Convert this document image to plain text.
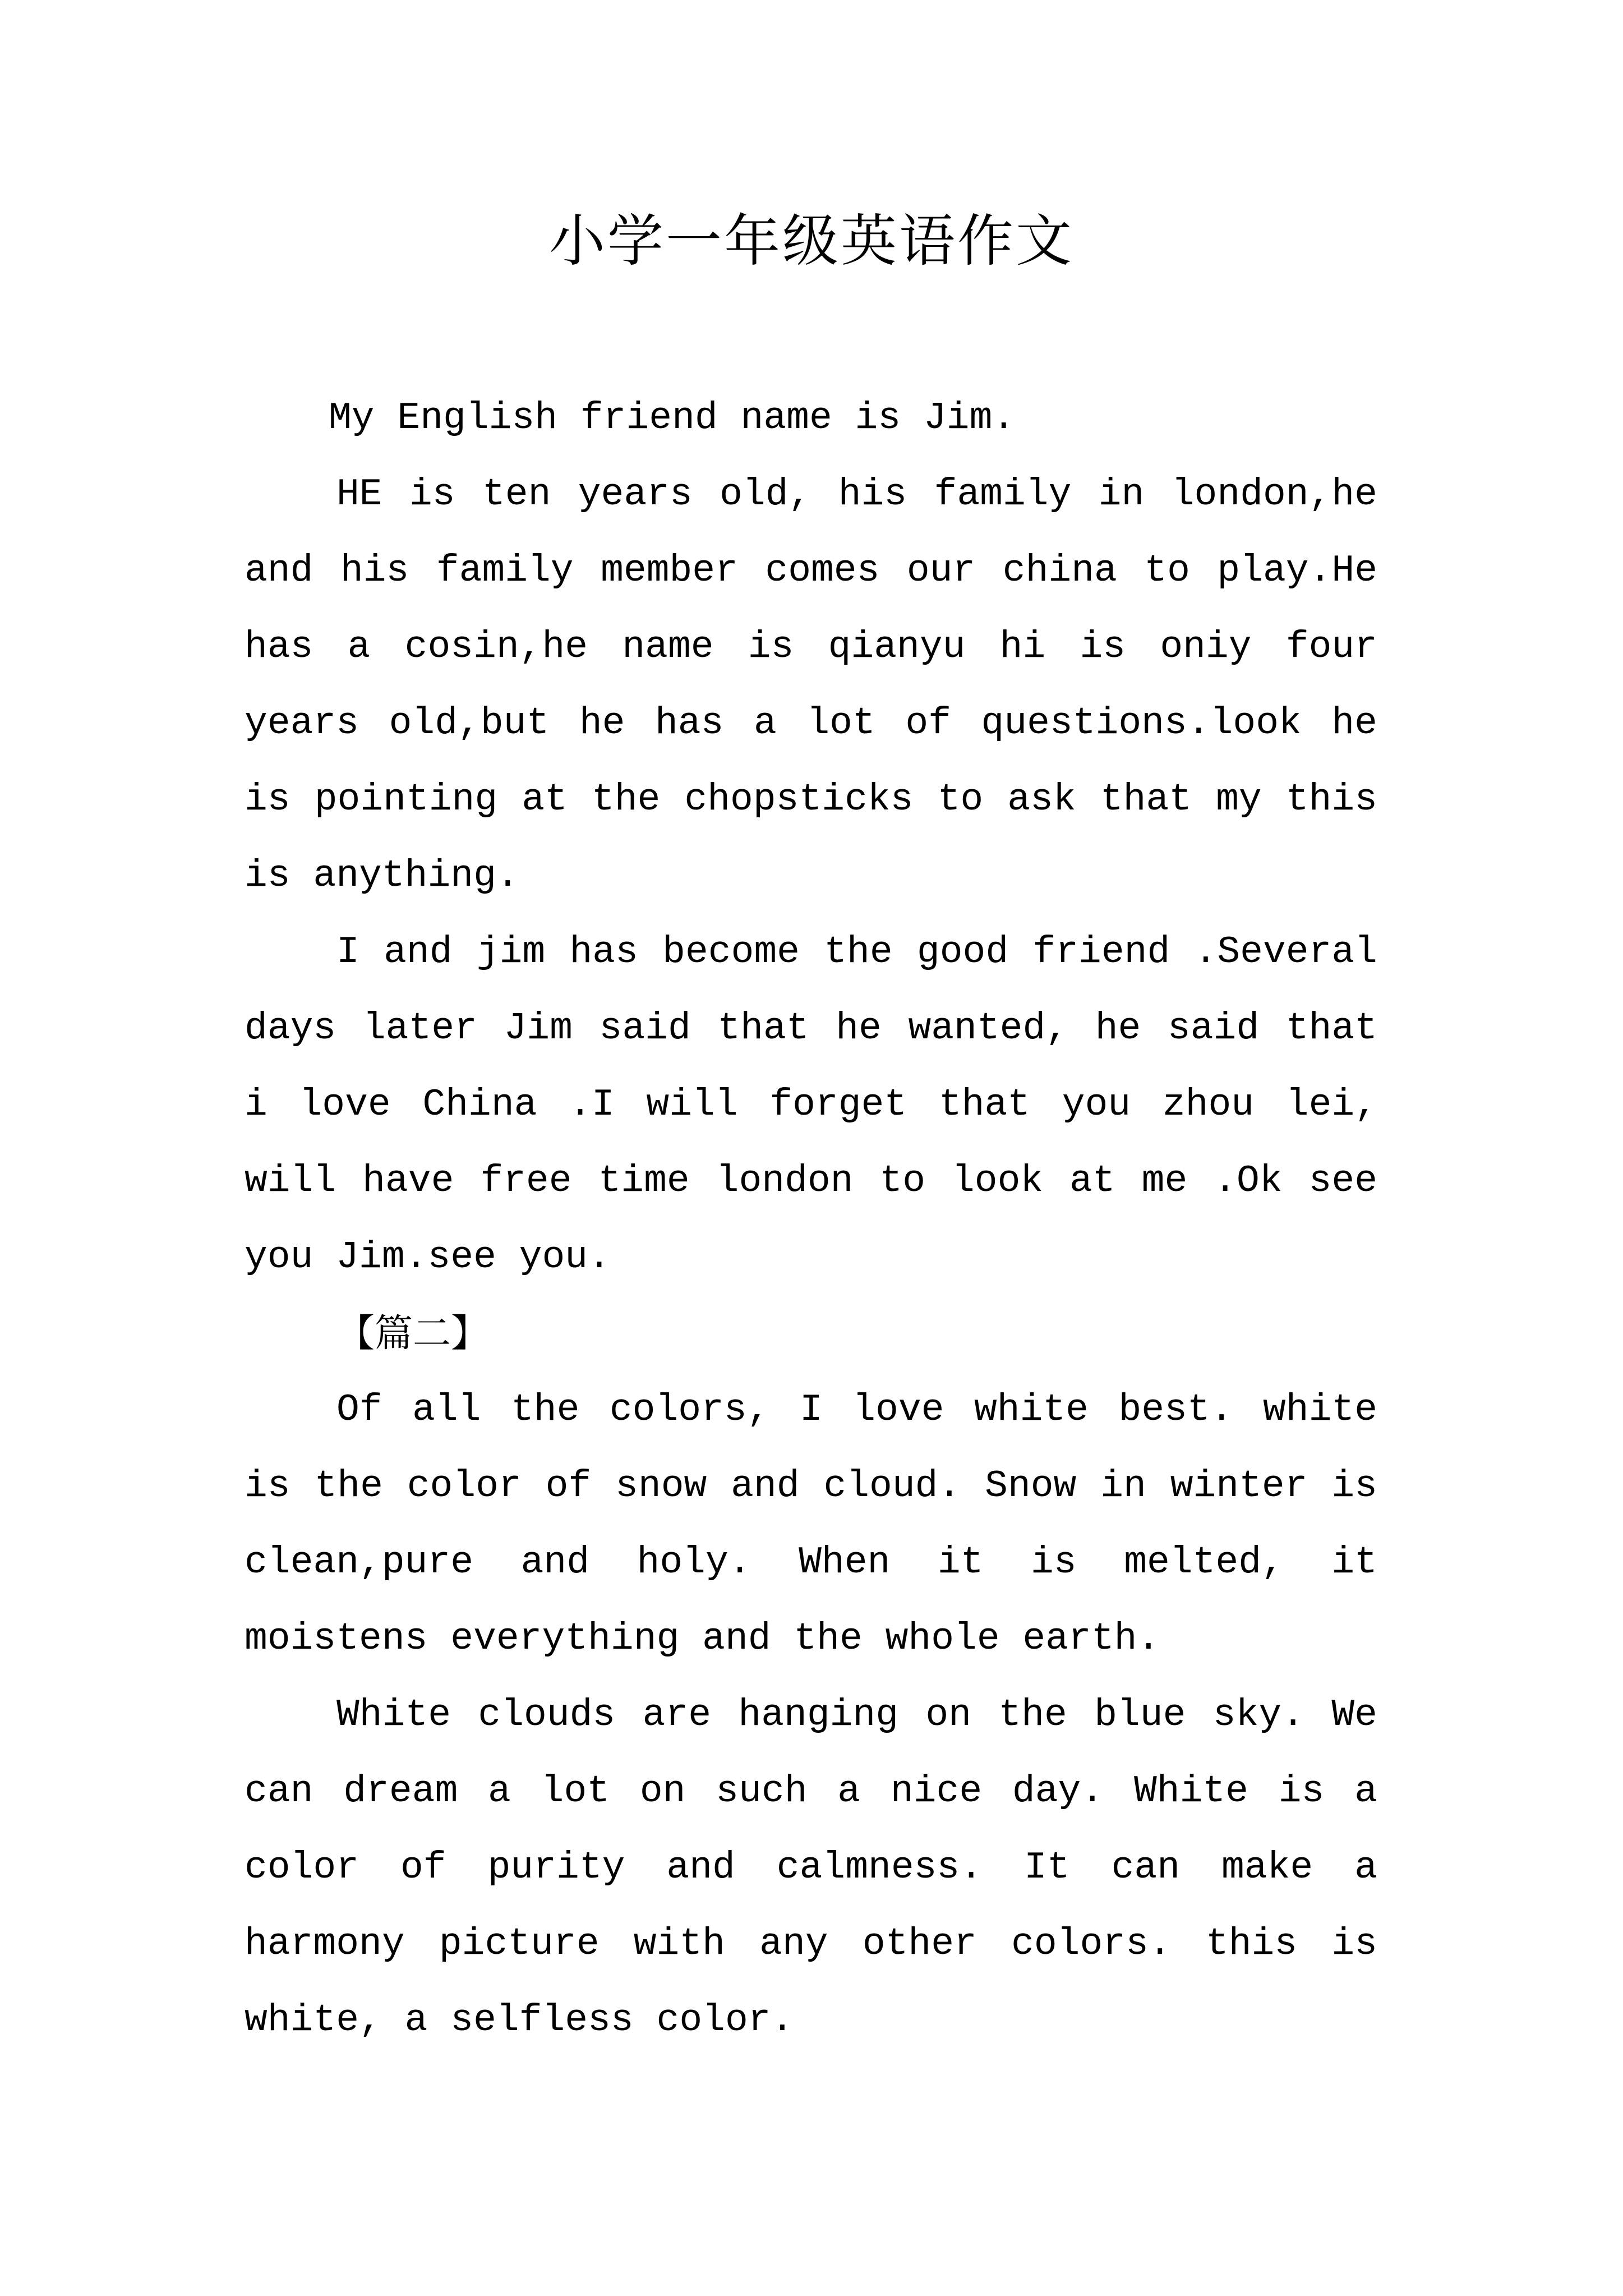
小学一年级英语作文

My English friend name is Jim.

HE is ten years old, his family in london,he and his family member comes our china to play.He has a cosin,he name is qianyu hi is oniy four years old,but he has a lot of questions.look he is pointing at the chopsticks to ask that my this is anything.

I and jim has become the good friend .Several days later Jim said that he wanted, he said that i love China .I will forget that you zhou lei, will have free time london to look at me .Ok see you Jim.see you.

【篇二】

Of all the colors, I love white best. white is the color of snow and cloud. Snow in winter is clean,pure and holy. When it is melted, it moistens everything and the whole earth.

White clouds are hanging on the blue sky. We can dream a lot on such a nice day. White is a color of purity and calmness. It can make a harmony picture with any other colors. this is white, a selfless color.
